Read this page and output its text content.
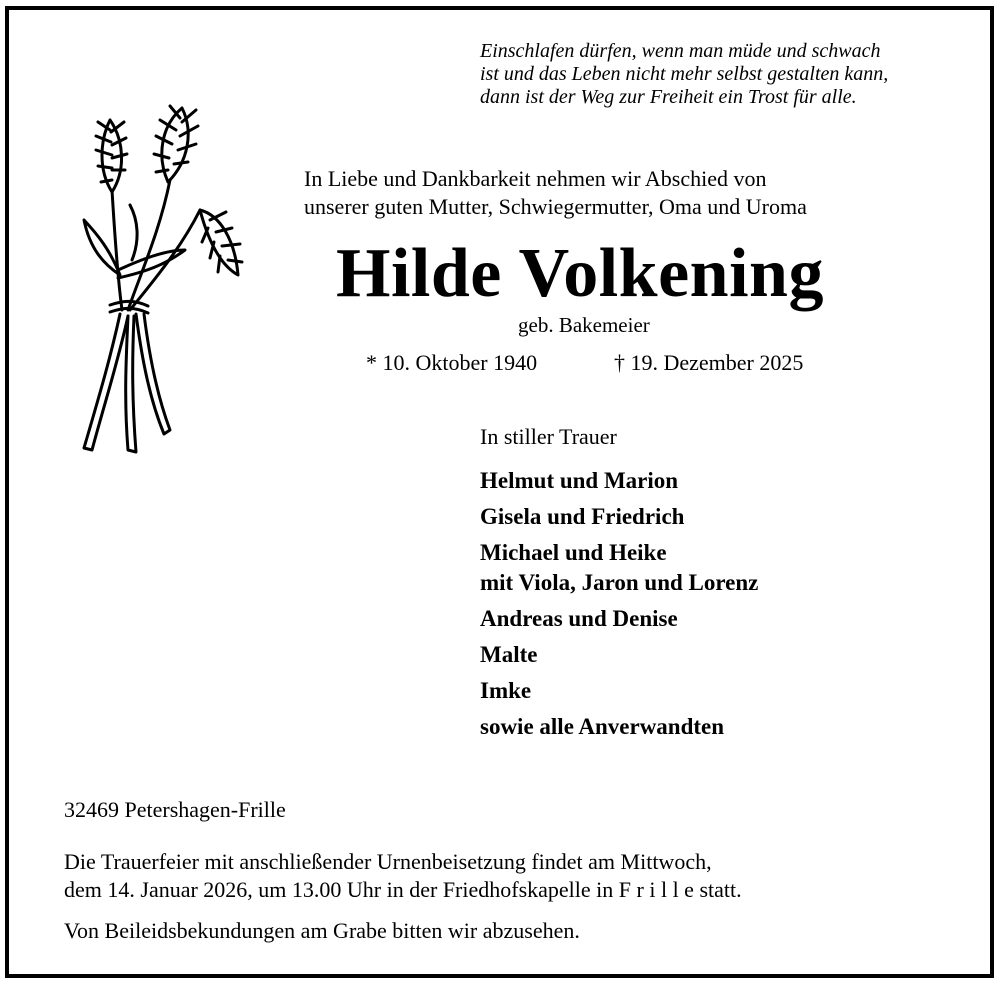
Einschlafen dürfen, wenn man müde und schwach
ist und das Leben nicht mehr selbst gestalten kann,
dann ist der Weg zur Freiheit ein Trost für alle.
In Liebe und Dankbarkeit nehmen wir Abschied von
unserer guten Mutter, Schwiegermutter, Oma und Uroma
Hilde Volkening
geb. Bakemeier
* 10. Oktober 1940	† 19. Dezember 2025
In stiller Trauer
Helmut und Marion
Gisela und Friedrich
Michael und Heike
mit Viola, Jaron und Lorenz
Andreas und Denise
Malte
Imke
sowie alle Anverwandten
32469 Petershagen-Frille
Die Trauerfeier mit anschließender Urnenbeisetzung findet am Mittwoch,
dem 14. Januar 2026, um 13.00 Uhr in der Friedhofskapelle in F r i l l e statt.
Von Beileidsbekundungen am Grabe bitten wir abzusehen.
